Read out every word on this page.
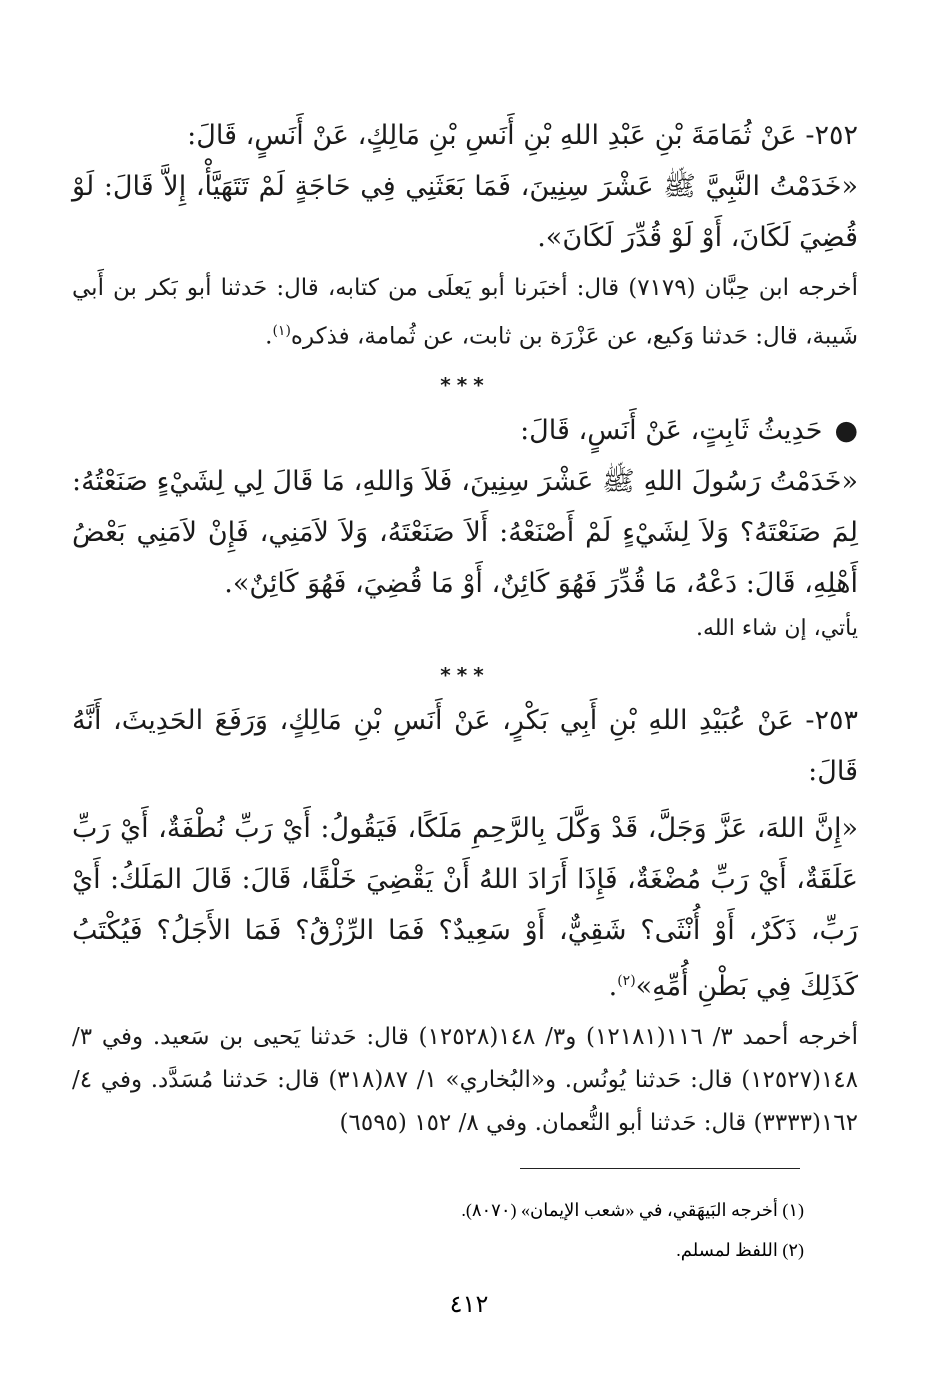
٢٥٢- عَنْ ثُمَامَةَ بْنِ عَبْدِ اللهِ بْنِ أَنَسِ بْنِ مَالِكٍ، عَنْ أَنَسٍ، قَالَ:

«خَدَمْتُ النَّبِيَّ ﷺ عَشْرَ سِنِينَ، فَمَا بَعَثَنِي فِي حَاجَةٍ لَمْ تَتَهَيَّأْ، إِلاَّ قَالَ: لَوْ قُضِيَ لَكَانَ، أَوْ لَوْ قُدِّرَ لَكَانَ».

أخرجه ابن حِبَّان (٧١٧٩) قال: أخبَرنا أبو يَعلَى من كتابه، قال: حَدثنا أبو بَكر بن أَبي شَيبة، قال: حَدثنا وَكيع، عن عَزْرَة بن ثابت، عن ثُمامة، فذكره$^{(١)}$.

***

●حَدِيثُ ثَابِتٍ، عَنْ أَنَسٍ، قَالَ:

«خَدَمْتُ رَسُولَ اللهِ ﷺ عَشْرَ سِنِينَ، فَلاَ وَاللهِ، مَا قَالَ لِي لِشَيْءٍ صَنَعْتُهُ: لِمَ صَنَعْتَهُ؟ وَلاَ لِشَيْءٍ لَمْ أَصْنَعْهُ: أَلاَ صَنَعْتَهُ، وَلاَ لاَمَنِي، فَإِنْ لاَمَنِي بَعْضُ أَهْلِهِ، قَالَ: دَعْهُ، مَا قُدِّرَ فَهُوَ كَائِنٌ، أَوْ مَا قُضِيَ، فَهُوَ كَائِنٌ».

يأتي، إن شاء الله.

***

٢٥٣- عَنْ عُبَيْدِ اللهِ بْنِ أَبِي بَكْرٍ، عَنْ أَنَسِ بْنِ مَالِكٍ، وَرَفَعَ الحَدِيثَ، أَنَّهُ قَالَ:

«إِنَّ اللهَ، عَزَّ وَجَلَّ، قَدْ وَكَّلَ بِالرَّحِمِ مَلَكًا، فَيَقُولُ: أَيْ رَبِّ نُطْفَةٌ، أَيْ رَبِّ عَلَقَةٌ، أَيْ رَبِّ مُضْغَةٌ، فَإِذَا أَرَادَ اللهُ أَنْ يَقْضِيَ خَلْقًا، قَالَ: قَالَ المَلَكُ: أَيْ رَبِّ، ذَكَرٌ، أَوْ أُنْثَى؟ شَقِيٌّ، أَوْ سَعِيدٌ؟ فَمَا الرِّزْقُ؟ فَمَا الأَجَلُ؟ فَيُكْتَبُ كَذَلِكَ فِي بَطْنِ أُمِّهِ»$^{(٢)}$.

أخرجه أحمد ٣/ ١١٦(١٢١٨١) و٣/ ١٤٨(١٢٥٢٨) قال: حَدثنا يَحيى بن سَعيد. وفي ٣/ ١٤٨(١٢٥٢٧) قال: حَدثنا يُونُس. و«البُخاري» ١/ ٨٧(٣١٨) قال: حَدثنا مُسَدَّد. وفي ٤/ ١٦٢(٣٣٣٣) قال: حَدثنا أبو النُّعمان. وفي ٨/ ١٥٢ (٦٥٩٥)

(١) أخرجه البَيهَقي، في «شعب الإيمان» (٨٠٧٠).
(٢) اللفظ لمسلم.
٤١٢
